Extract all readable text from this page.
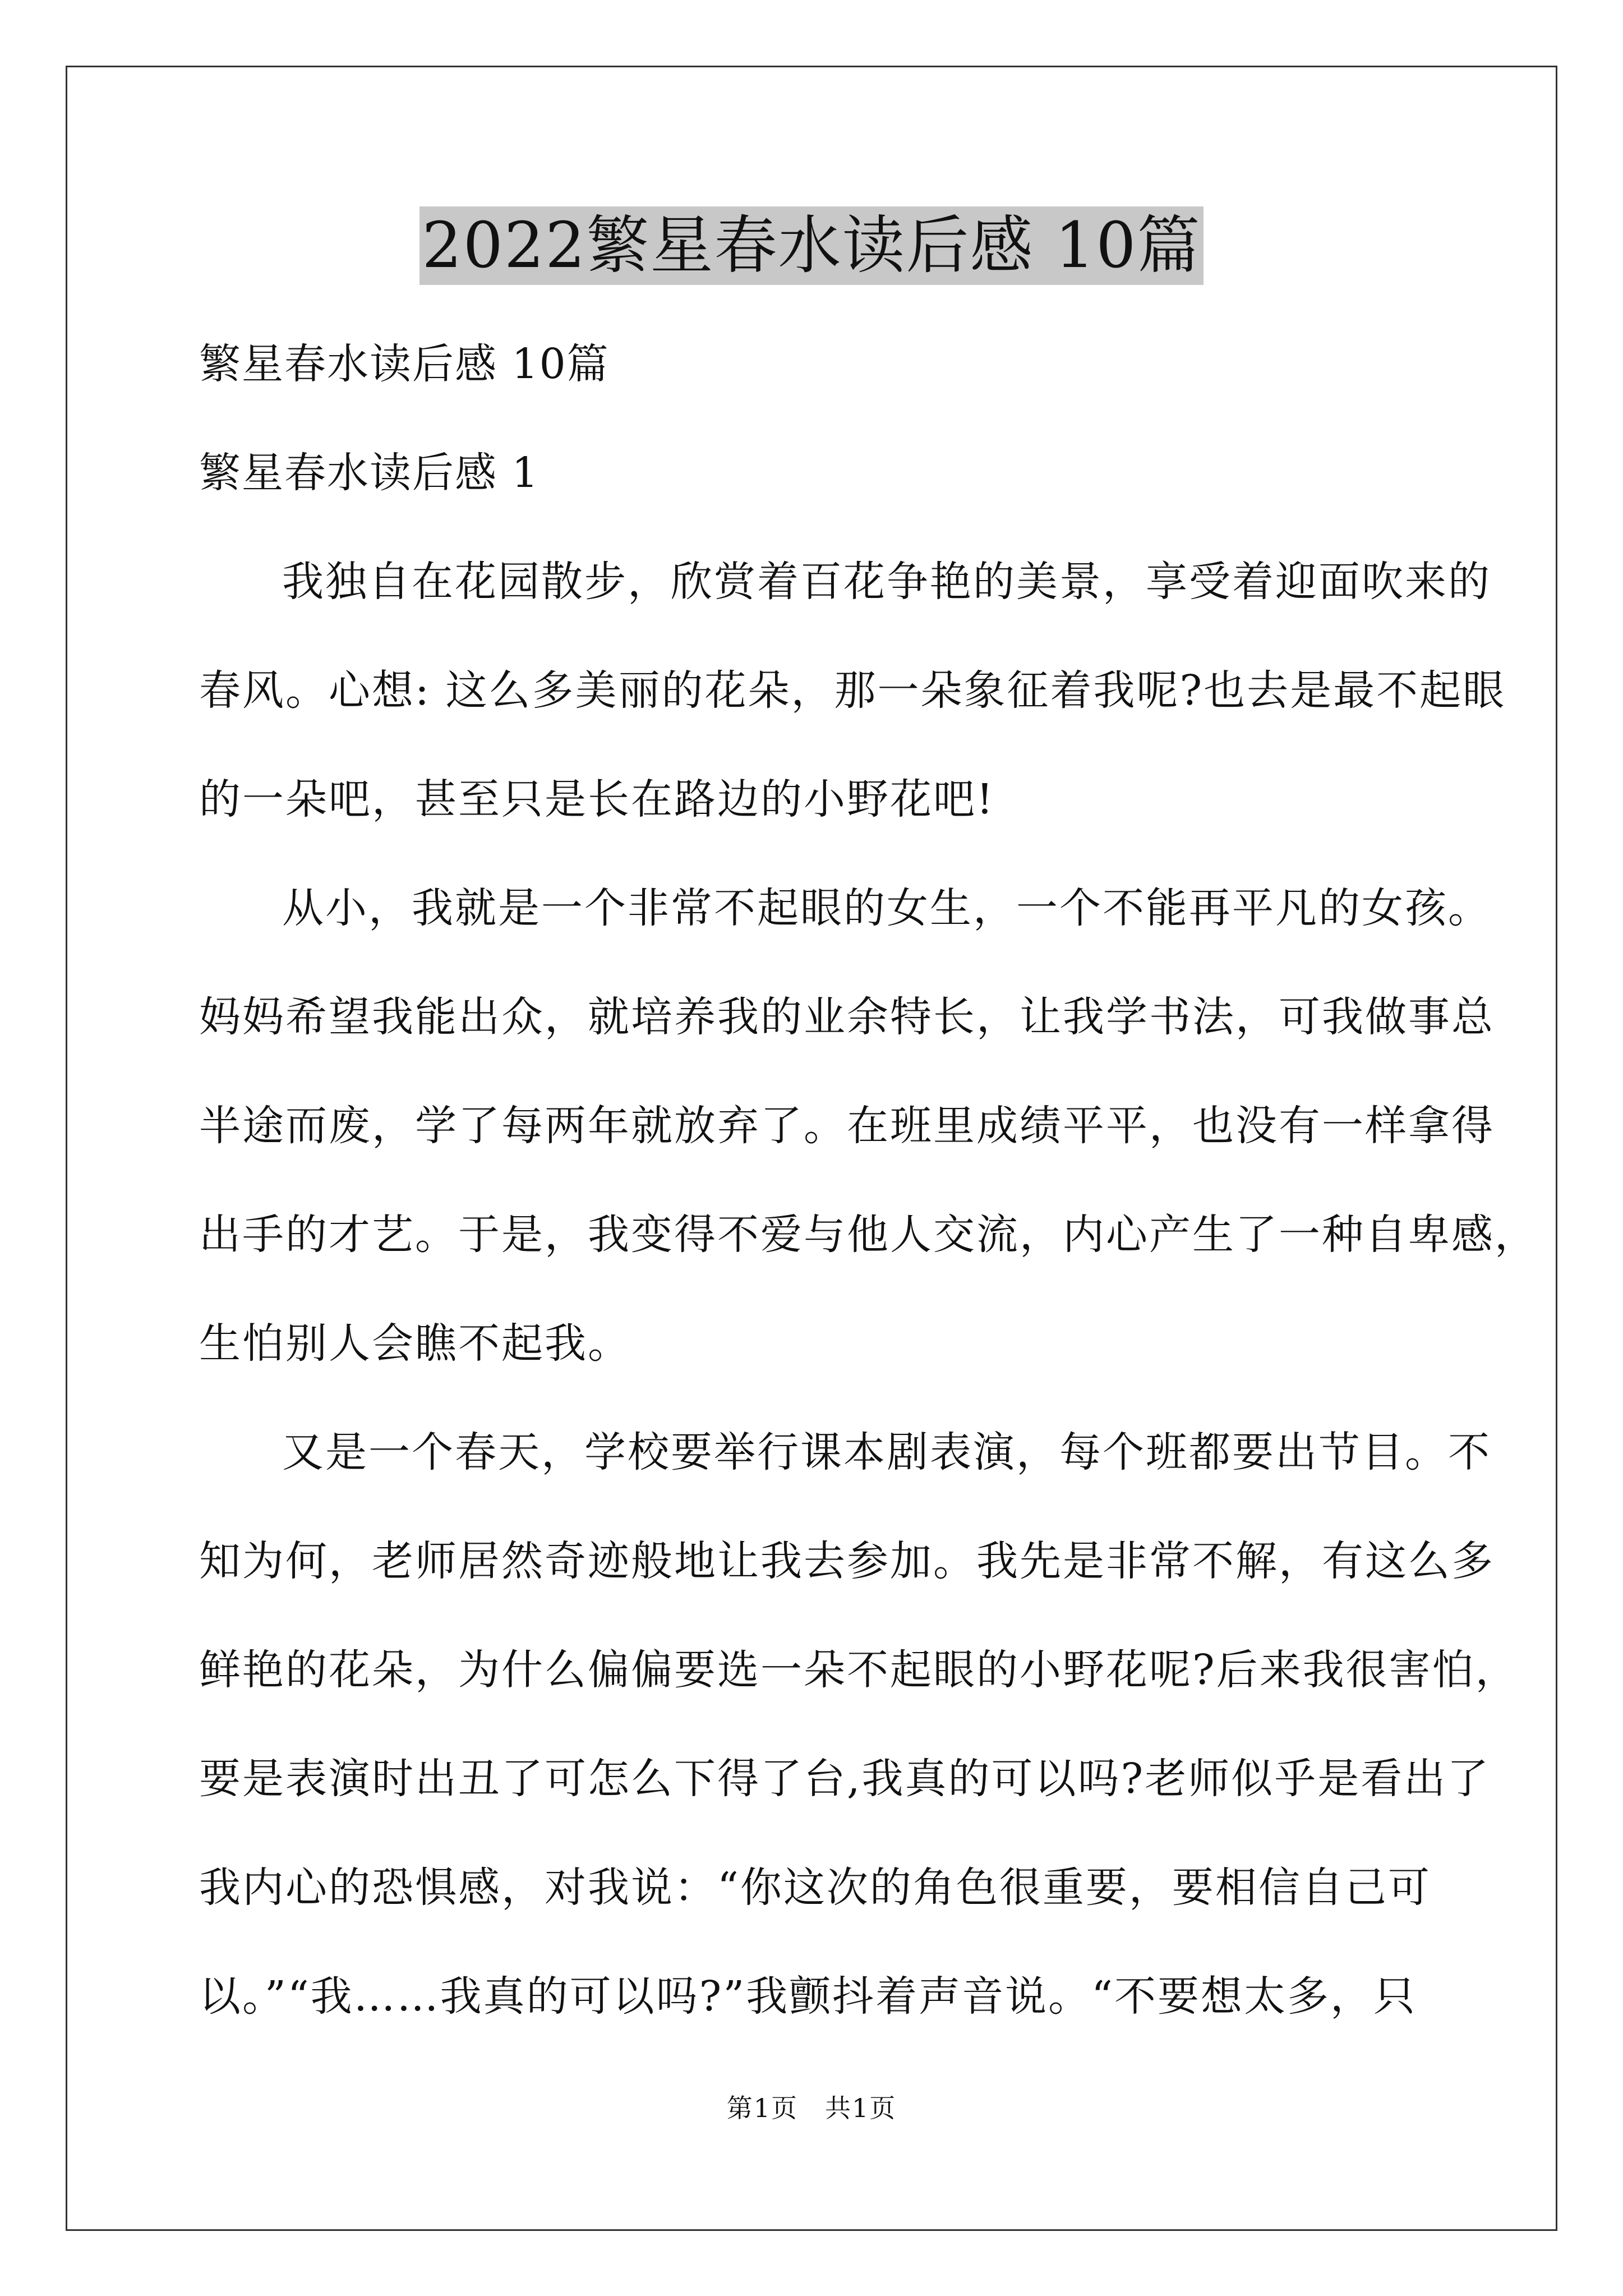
2022繁星春水读后感 10篇
繁星春水读后感 10篇
繁星春水读后感 1
我独自在花园散步，欣赏着百花争艳的美景，享受着迎面吹来的
春风。心想: 这么多美丽的花朵，那一朵象征着我呢?也去是最不起眼
的一朵吧，甚至只是长在路边的小野花吧!
从小，我就是一个非常不起眼的女生，一个不能再平凡的女孩。
妈妈希望我能出众，就培养我的业余特长，让我学书法，可我做事总
半途而废，学了每两年就放弃了。在班里成绩平平，也没有一样拿得
出手的才艺。于是，我变得不爱与他人交流，内心产生了一种自卑感，
生怕别人会瞧不起我。
又是一个春天，学校要举行课本剧表演，每个班都要出节目。不
知为何，老师居然奇迹般地让我去参加。我先是非常不解，有这么多
鲜艳的花朵，为什么偏偏要选一朵不起眼的小野花呢?后来我很害怕，
要是表演时出丑了可怎么下得了台,我真的可以吗?老师似乎是看出了
我内心的恐惧感，对我说：“你这次的角色很重要，要相信自己可
以。”“我……我真的可以吗?”我颤抖着声音说。“不要想太多，只
第1页　共1页
